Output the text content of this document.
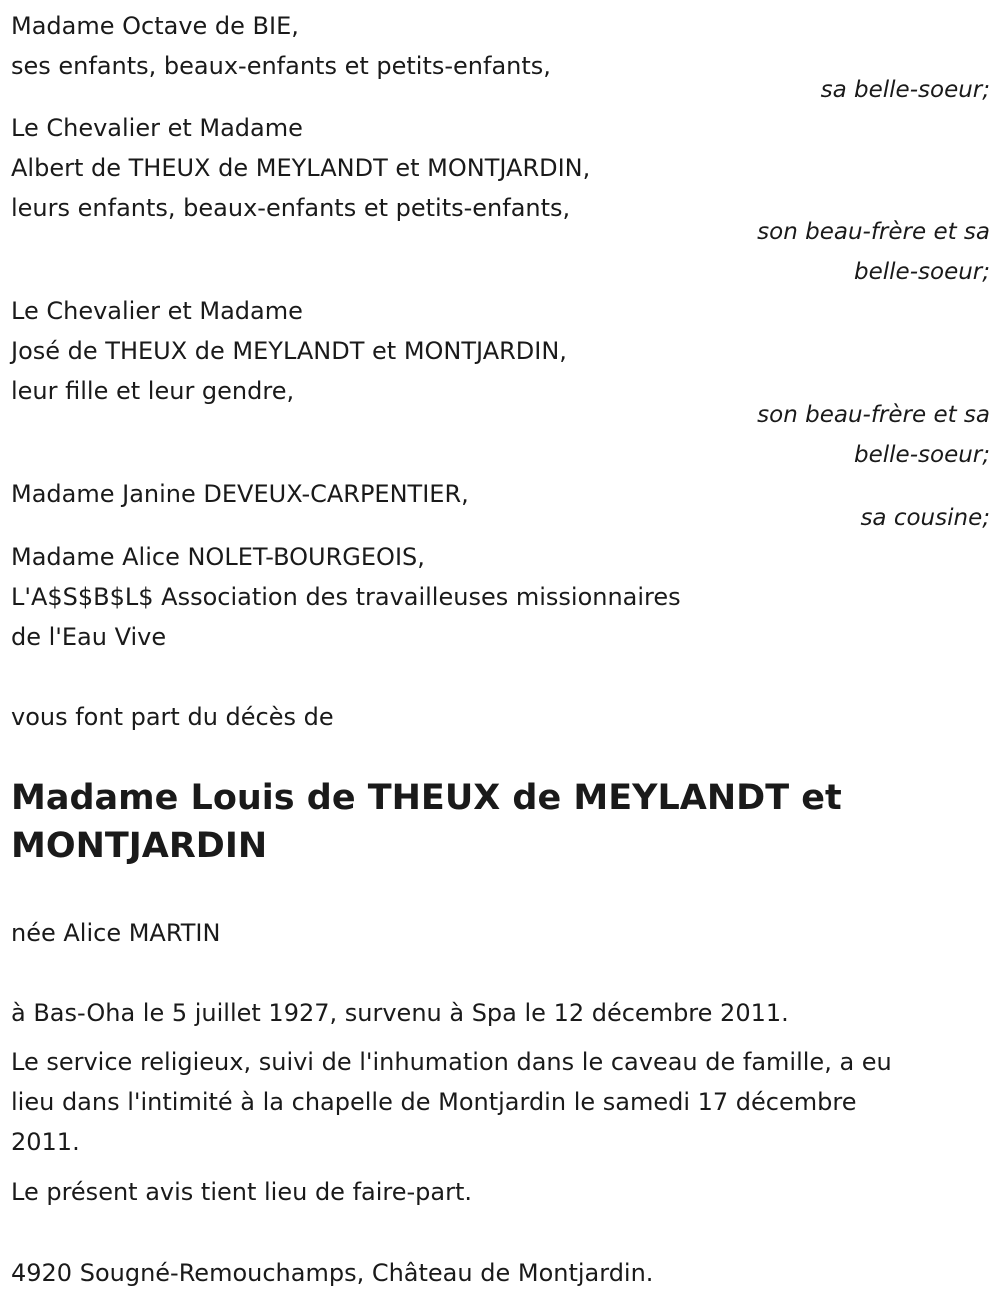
Madame Octave de BIE,
ses enfants, beaux-enfants et petits-enfants,
sa belle-soeur;
Le Chevalier et Madame
Albert de THEUX de MEYLANDT et MONTJARDIN,
leurs enfants, beaux-enfants et petits-enfants,
son beau-frère et sa
belle-soeur;
Le Chevalier et Madame
José de THEUX de MEYLANDT et MONTJARDIN,
leur fille et leur gendre,
son beau-frère et sa
belle-soeur;
Madame Janine DEVEUX-CARPENTIER,
sa cousine;
Madame Alice NOLET-BOURGEOIS,
L'A$S$B$L$ Association des travailleuses missionnaires
de l'Eau Vive
vous font part du décès de
Madame Louis de THEUX de MEYLANDT et
MONTJARDIN
née Alice MARTIN
à Bas-Oha le 5 juillet 1927, survenu à Spa le 12 décembre 2011.
Le service religieux, suivi de l'inhumation dans le caveau de famille, a eu
lieu dans l'intimité à la chapelle de Montjardin le samedi 17 décembre
2011.
Le présent avis tient lieu de faire-part.
4920 Sougné-Remouchamps, Château de Montjardin.
